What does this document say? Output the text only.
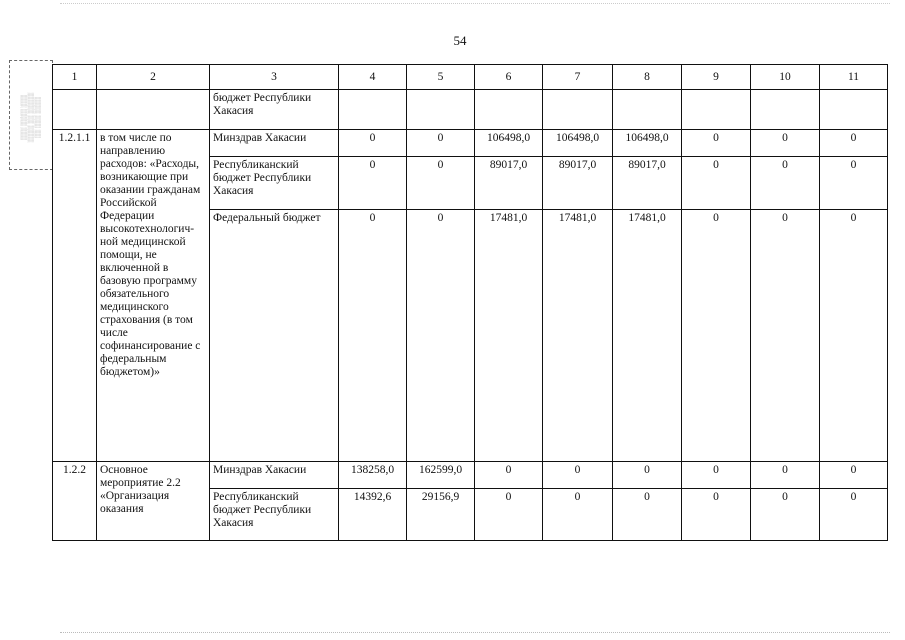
54
░░░ ░░░░ ░░░
░░░░ ░░ ░░░░░
░░ ░░░ ░░░░
1	2	3	4	5	6	7	8	9	10	11
		бюджет Республики Хакасия								
1.2.1.1	в том числе по направлению расходов: «Расходы, возникающие при оказании гражданам Российской Федерации высокотехнологич-ной медицинской помощи, не включенной в базовую программу обязательного медицинского страхования (в том числе софинансирование с федеральным бюджетом)»	Минздрав Хакасии	0	0	106498,0	106498,0	106498,0	0	0	0
		Республиканский бюджет Республики Хакасия	0	0	89017,0	89017,0	89017,0	0	0	0
		Федеральный бюджет	0	0	17481,0	17481,0	17481,0	0	0	0
1.2.2	Основное мероприятие 2.2 «Организация оказания	Минздрав Хакасии	138258,0	162599,0	0	0	0	0	0	0
		Республиканский бюджет Республики Хакасия	14392,6	29156,9	0	0	0	0	0	0
